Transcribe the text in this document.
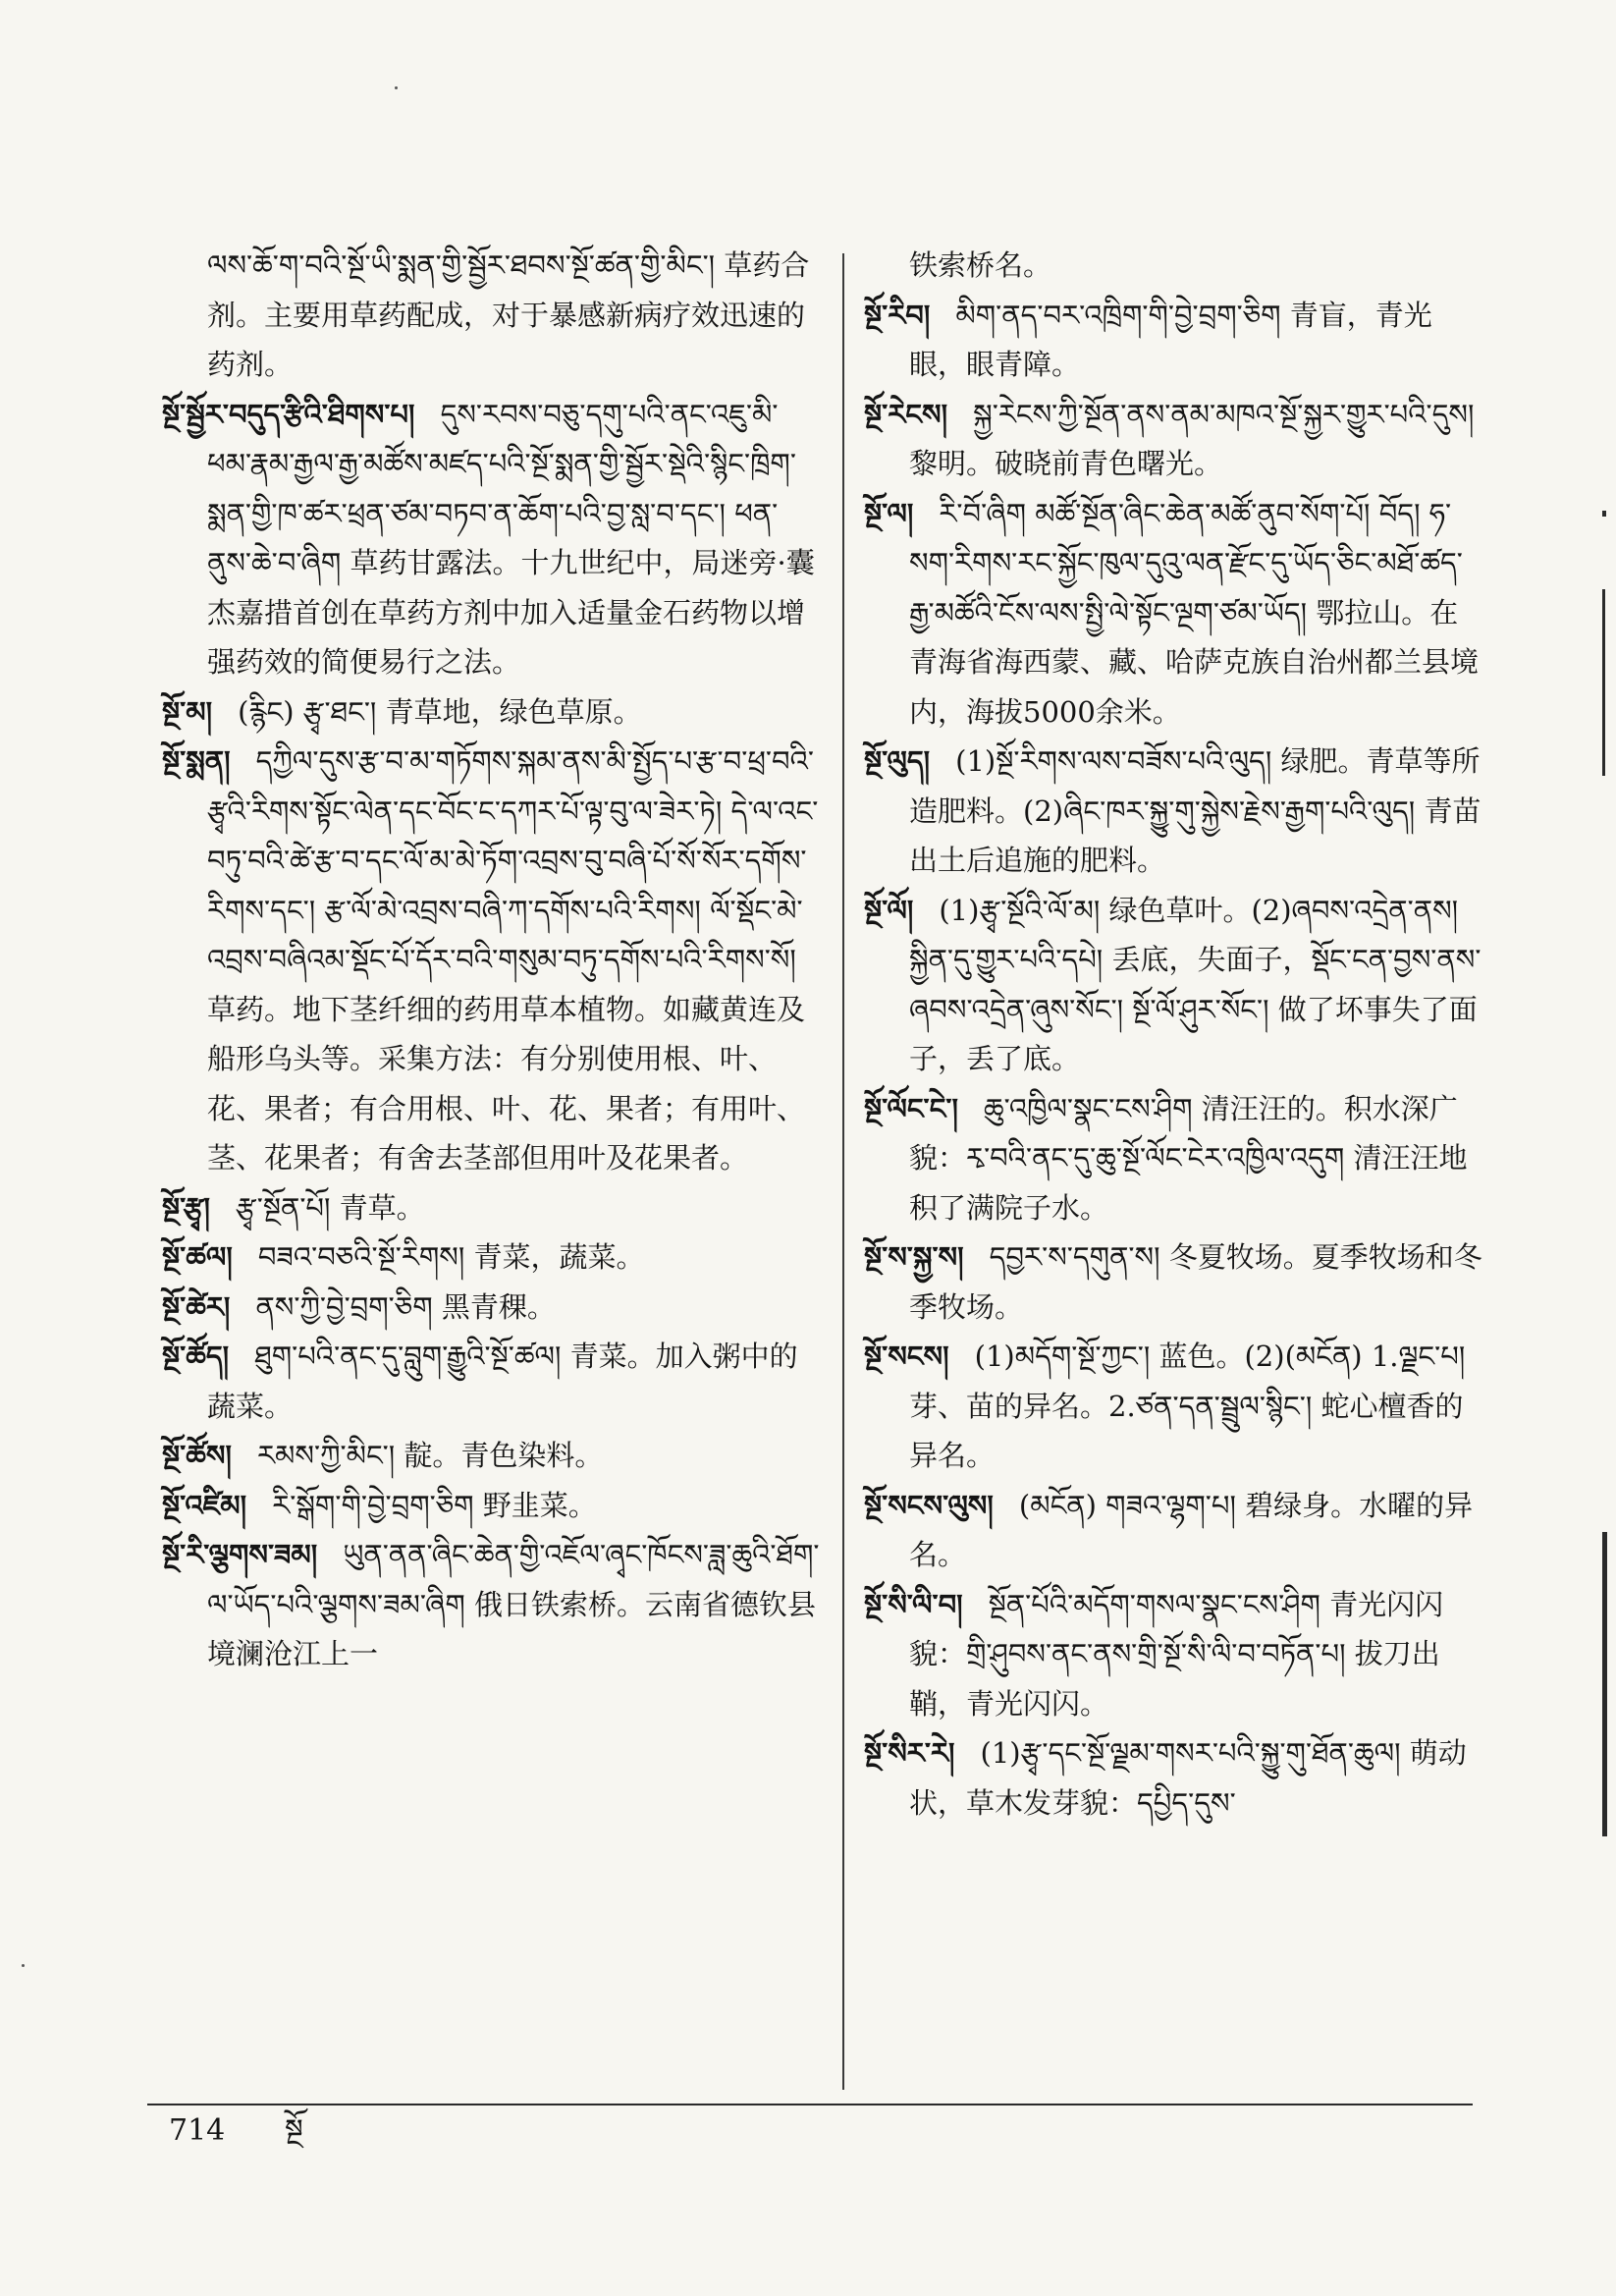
ལས་ཆོ་ག་བའི་སྔོ་ཡི་སྨན་གྱི་སྦྱོར་ཐབས་སྔོ་ཚན་གྱི་མིང་། 草药合剂。主要用草药配成，对于暴感新病疗效迅速的药剂。

སྔོ་སྦྱོར་བདུད་རྩིའི་ཐིགས་པ། དུས་རབས་བཅུ་དགུ་པའི་ནང་འཇུ་མི་ཕམ་རྣམ་རྒྱལ་རྒྱ་མཚོས་མཛད་པའི་སྔོ་སྨན་གྱི་སྦྱོར་སྡེའི་སྙིང་ཁྲིག་སྨན་གྱི་ཁ་ཚར་ཕྲན་ཙམ་བཏབ་ན་ཆོག་པའི་བྱ་སླ་བ་དང་། ཕན་ནུས་ཆེ་བ་ཞིག 草药甘露法。十九世纪中，局迷旁·囊杰嘉措首创在草药方剂中加入适量金石药物以增强药效的简便易行之法。

སྔོ་མ། (རྙིང) རྩྭ་ཐང་། 青草地，绿色草原。

སྔོ་སྨན། དཀྱིལ་དུས་རྩ་བ་མ་གཏོགས་སྐམ་ནས་མི་སྤྱོད་པ་རྩ་བ་ཕྲ་བའི་རྩྭའི་རིགས་སྟོང་ལེན་དང་བོང་ང་དཀར་པོ་ལྟ་བུ་ལ་ཟེར་ཏེ། དེ་ལ་འང་བཏུ་བའི་ཚེ་རྩ་བ་དང་ལོ་མ་མེ་ཏོག་འབྲས་བུ་བཞི་པོ་སོ་སོར་དགོས་རིགས་དང་། རྩ་ལོ་མེ་འབྲས་བཞི་ཀ་དགོས་པའི་རིགས། ལོ་སྡོང་མེ་འབྲས་བཞིའམ་སྡོང་པོ་དོར་བའི་གསུམ་བཏུ་དགོས་པའི་རིགས་སོ། 草药。地下茎纤细的药用草本植物。如藏黄连及船形乌头等。采集方法：有分别使用根、叶、花、果者；有合用根、叶、花、果者；有用叶、茎、花果者；有舍去茎部但用叶及花果者。

སྔོ་རྩྭ། རྩྭ་སྔོན་པོ། 青草。

སྔོ་ཚལ། བཟའ་བཅའི་སྔོ་རིགས། 青菜，蔬菜。

སྔོ་ཚེར། ནས་ཀྱི་བྱེ་བྲག་ཅིག 黑青稞。

སྔོ་ཚོད། ཐུག་པའི་ནང་དུ་བླུག་རྒྱུའི་སྔོ་ཚལ། 青菜。加入粥中的蔬菜。

སྔོ་ཚོས། རམས་ཀྱི་མིང་། 靛。青色染料。

སྔོ་འཛིམ། རི་སྒོག་གི་བྱེ་བྲག་ཅིག 野韭菜。

སྔོ་རི་ལྕགས་ཟམ། ཡུན་ནན་ཞིང་ཆེན་གྱི་འཇོལ་ཞྭང་ཁོངས་ཟླ་ཆུའི་ཐོག་ལ་ཡོད་པའི་ལྕགས་ཟམ་ཞིག 俄日铁索桥。云南省德钦县境澜沧江上一

铁索桥名。

སྔོ་རིབ། མིག་ནད་བར་འཁྲིག་གི་བྱེ་བྲག་ཅིག 青盲，青光眼，眼青障。

སྔོ་རེངས། སྐྱ་རེངས་ཀྱི་སྔོན་ནས་ནམ་མཁའ་སྔོ་སྐྱར་གྱུར་པའི་དུས། 黎明。破晓前青色曙光。

སྔོ་ལ། རི་བོ་ཞིག མཚོ་སྔོན་ཞིང་ཆེན་མཚོ་ནུབ་སོག་པོ། བོད། ཧ་སག་རིགས་རང་སྐྱོང་ཁུལ་དུའུ་ལན་རྫོང་དུ་ཡོད་ཅིང་མཐོ་ཚད་རྒྱ་མཚོའི་ངོས་ལས་སྤྱི་ལེ་སྟོང་ལྔག་ཙམ་ཡོད། 鄂拉山。在青海省海西蒙、藏、哈萨克族自治州都兰县境内，海拔5000余米。

སྔོ་ལུད། (1)སྔོ་རིགས་ལས་བཟོས་པའི་ལུད། 绿肥。青草等所造肥料。(2)ཞིང་ཁར་སྐྱུ་གུ་སྐྱེས་རྗེས་རྒྱག་པའི་ལུད། 青苗出土后追施的肥料。

སྔོ་ལོ། (1)རྩྭ་སྔོའི་ལོ་མ། 绿色草叶。(2)ཞབས་འདྲེན་ནས། སྐྱིན་དུ་གྱུར་པའི་དཔེ། 丢底，失面子，སྡོང་ངན་བྱས་ནས་ཞབས་འདྲེན་ཞུས་སོང་། སྔོ་ལོ་ཤུར་སོང་། 做了坏事失了面子，丢了底。

སྔོ་ལོང་ངེ་། ཆུ་འཁྱིལ་སྣང་ངས་ཤིག 清汪汪的。积水深广貌：རྭ་བའི་ནང་དུ་ཆུ་སྔོ་ལོང་ངེར་འཁྱིལ་འདུག 清汪汪地积了满院子水。

སྔོ་ས་སྐྱ་ས། དབྱར་ས་དགུན་ས། 冬夏牧场。夏季牧场和冬季牧场。

སྔོ་སངས། (1)མདོག་སྔོ་ཀྱང་། 蓝色。(2)(མངོན) 1.ལྗང་པ། 芽、苗的异名。2.ཙན་དན་སྦྲུལ་སྙིང་། 蛇心檀香的异名。

སྔོ་སངས་ལུས། (མངོན) གཟའ་ལྷག་པ། 碧绿身。水曜的异名。

སྔོ་སི་ལི་བ། སྔོན་པོའི་མདོག་གསལ་སྣང་ངས་ཤིག 青光闪闪貌：གྲི་ཤུབས་ནང་ནས་གྲི་སྔོ་སི་ལི་བ་བཏོན་པ། 拔刀出鞘，青光闪闪。

སྔོ་སིར་རེ། (1)རྩྭ་དང་སྔོ་ལྗམ་གསར་པའི་སྐྱུ་གུ་ཐོན་ཆུལ། 萌动状，草木发芽貌：དཔྱིད་དུས་

714 སྔོ
